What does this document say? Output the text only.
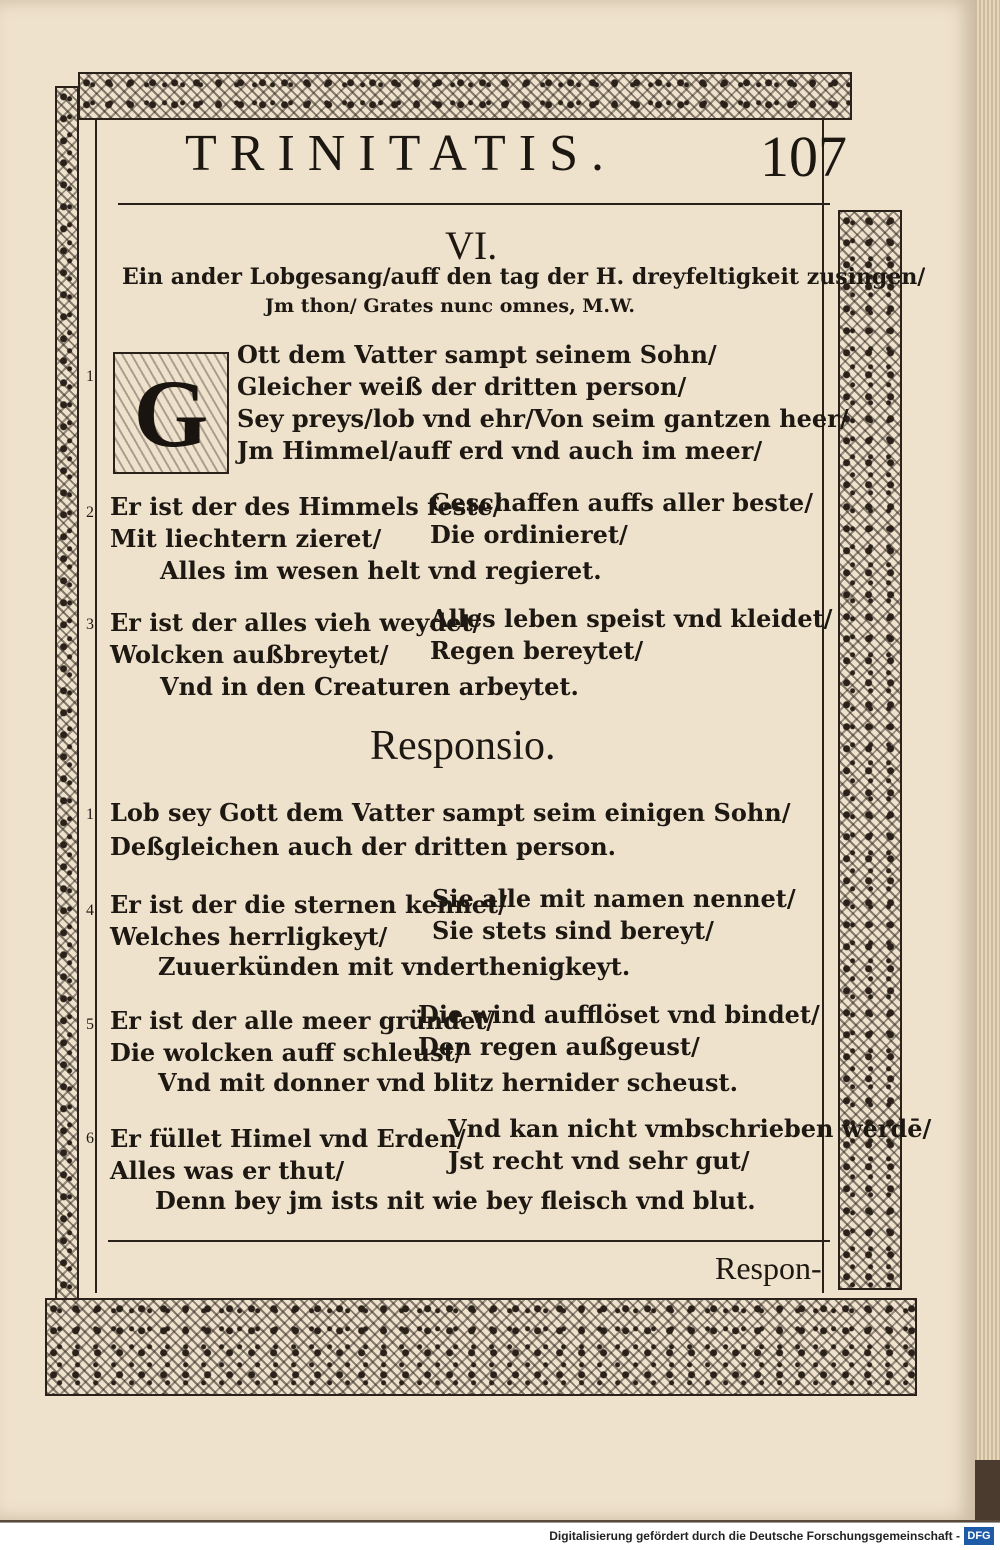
TRINITATIS. 107
VI.
Ein ander Lobgesang/auff den tag der H. dreyfeltigkeit zusingen/
Jm thon/ Grates nunc omnes, M.W.
1 G
Ott dem Vatter sampt seinem Sohn/
Gleicher weiß der dritten person/
Sey preys/lob vnd ehr/Von seim gantzen heer/
Jm Himmel/auff erd vnd auch im meer/
2 Er ist der des Himmels feste/
Geschaffen auffs aller beste/
Mit liechtern zieret/ Die ordinieret/
Alles im wesen helt vnd regieret.
3 Er ist der alles vieh weydet/
Alles leben speist vnd kleidet/
Wolcken außbreytet/ Regen bereytet/
Vnd in den Creaturen arbeytet.
Responsio.
1 Lob sey Gott dem Vatter sampt seim einigen Sohn/
Deßgleichen auch der dritten person.
4 Er ist der die sternen kennet/
Sie alle mit namen nennet/
Welches herrligkeyt/ Sie stets sind bereyt/
Zuuerkünden mit vnderthenigkeyt.
5 Er ist der alle meer gründet/
Die wind aufflöset vnd bindet/
Die wolcken auff schleust/
Den regen außgeust/
Vnd mit donner vnd blitz hernider scheust.
6 Er füllet Himel vnd Erden/
Vnd kan nicht vmbschrieben werdē/
Alles was er thut/	Jst recht vnd sehr gut/
Denn bey jm ists nit wie bey fleisch vnd blut.
Respon-
Digitalisierung gefördert durch die Deutsche Forschungsgemeinschaft - DFG
